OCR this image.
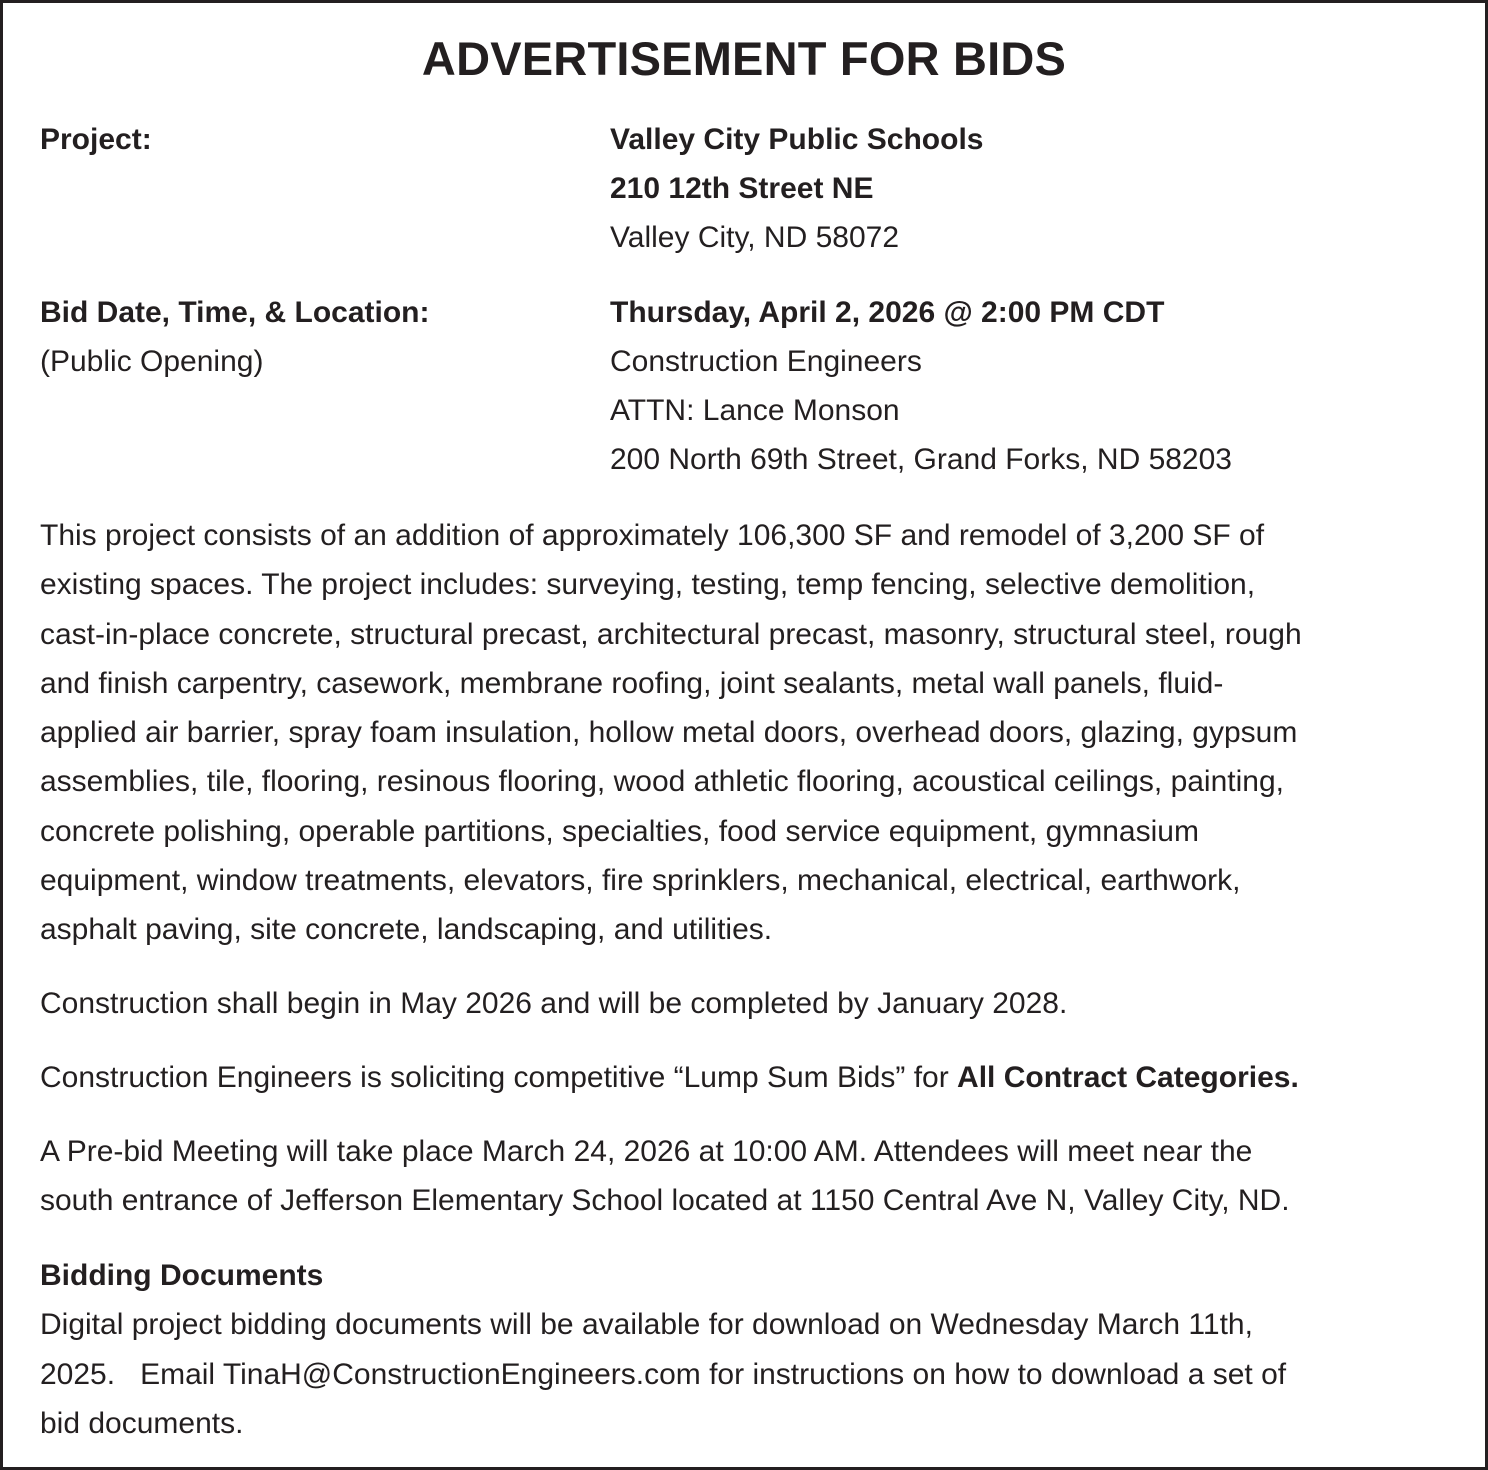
ADVERTISEMENT FOR BIDS
Project:	Valley City Public Schools
210 12th Street NE
Valley City, ND 58072
Bid Date, Time, & Location:
(Public Opening)
Thursday, April 2, 2026 @ 2:00 PM CDT
Construction Engineers
ATTN: Lance Monson
200 North 69th Street, Grand Forks, ND 58203
This project consists of an addition of approximately 106,300 SF and remodel of 3,200 SF of
existing spaces. The project includes: surveying, testing, temp fencing, selective demolition,
cast-in-place concrete, structural precast, architectural precast, masonry, structural steel, rough
and finish carpentry, casework, membrane roofing, joint sealants, metal wall panels, fluid-
applied air barrier, spray foam insulation, hollow metal doors, overhead doors, glazing, gypsum
assemblies, tile, flooring, resinous flooring, wood athletic flooring, acoustical ceilings, painting,
concrete polishing, operable partitions, specialties, food service equipment, gymnasium
equipment, window treatments, elevators, fire sprinklers, mechanical, electrical, earthwork,
asphalt paving, site concrete, landscaping, and utilities.
Construction shall begin in May 2026 and will be completed by January 2028.
Construction Engineers is soliciting competitive “Lump Sum Bids” for All Contract Categories.
A Pre-bid Meeting will take place March 24, 2026 at 10:00 AM. Attendees will meet near the
south entrance of Jefferson Elementary School located at 1150 Central Ave N, Valley City, ND.
Bidding Documents
Digital project bidding documents will be available for download on Wednesday March 11th,
2025.   Email TinaH@ConstructionEngineers.com for instructions on how to download a set of
bid documents.
